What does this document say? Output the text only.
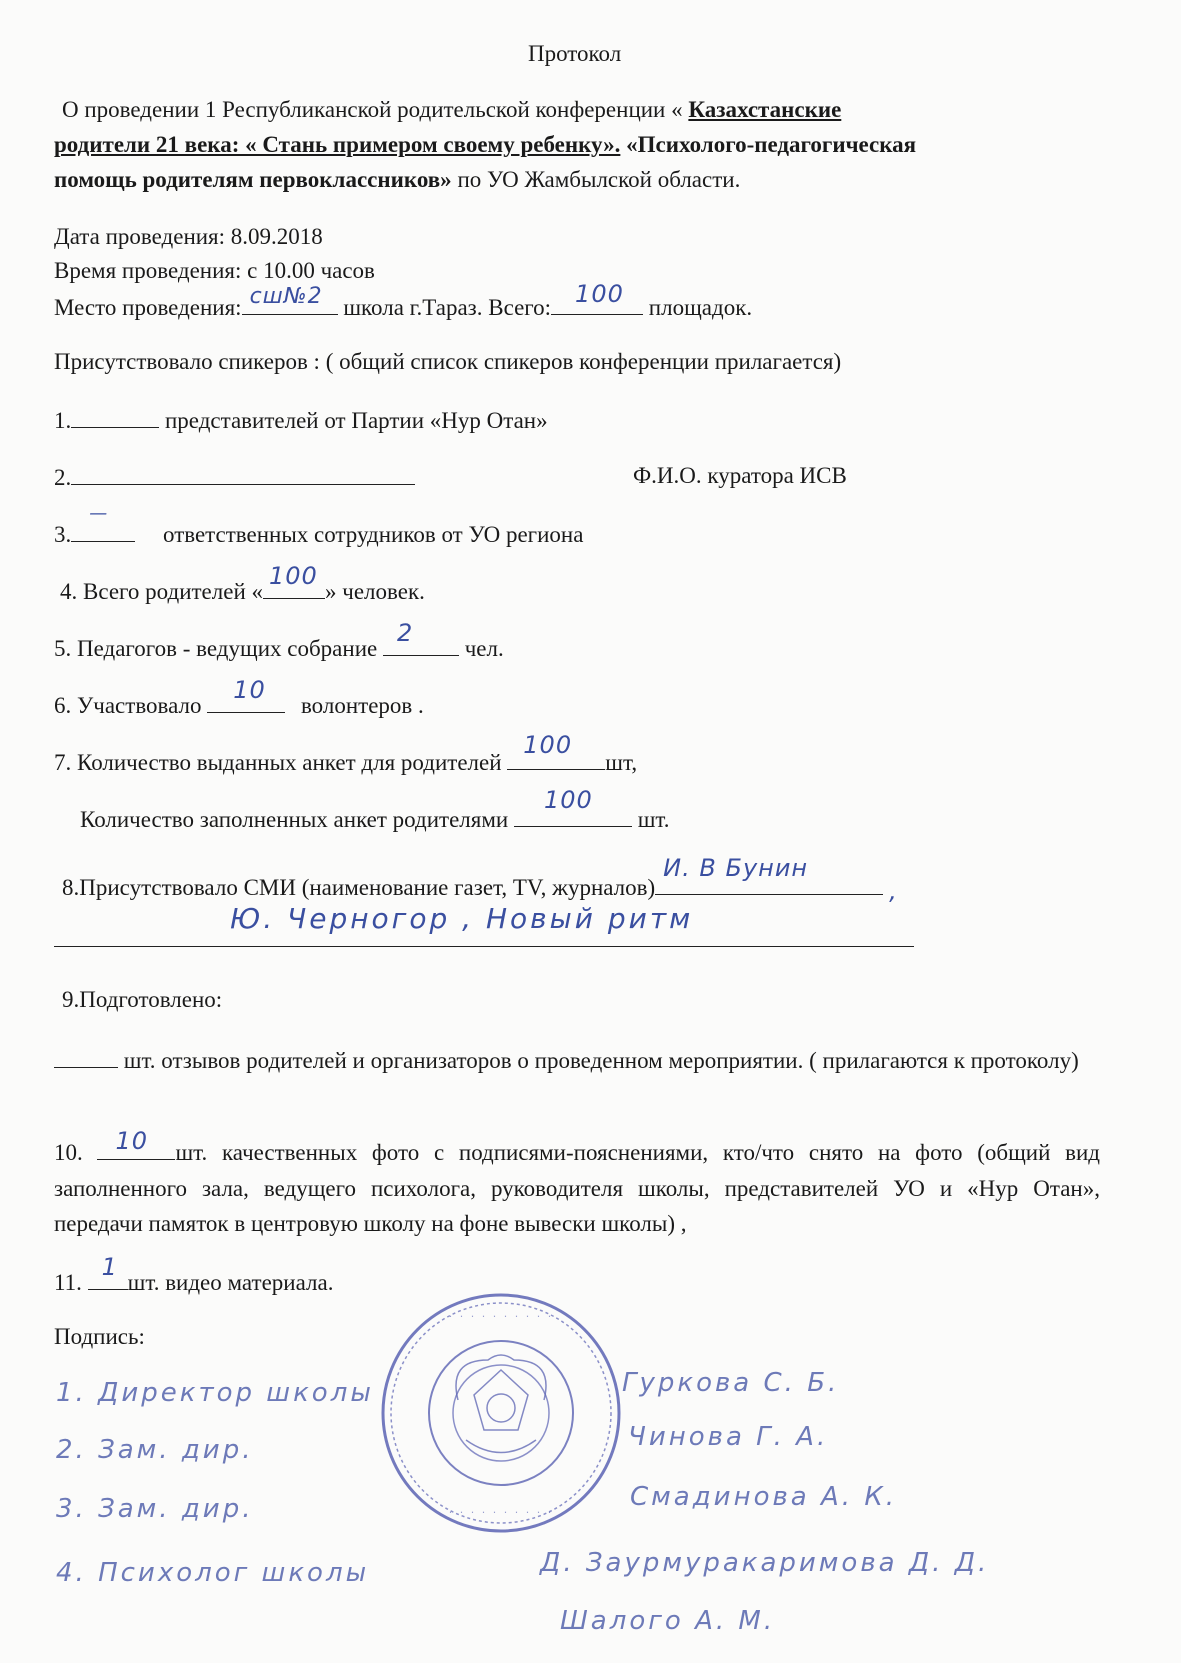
Протокол
О проведении 1 Республиканской родительской конференции « Казахстанские
родители 21 века: « Стань примером своему ребенку». «Психолого-педагогическая
помощь родителям первоклассников» по УО Жамбылской области.
Дата проведения: 8.09.2018
Время проведения: с 10.00 часов
Место проведения: сш№2 школа г.Тараз. Всего: 100 площадок.
Присутствовало спикеров : ( общий список спикеров конференции прилагается)
1.	представителей от Партии «Нур Отан»
2.	Ф.И.О. куратора ИСВ
3.
—
ответственных сотрудников от УО региона
4. Всего родителей «
100
» человек.
5. Педагогов - ведущих собрание
2
чел.
6. Участвовало
10
волонтеров .
7. Количество выданных анкет для родителей
100
шт,
Количество заполненных анкет родителями
100
шт.
8.Присутствовало СМИ (наименование газет, TV, журналов)
И. В Бунин
,
Ю. Черногор , Новый ритм
9.Подготовлено:
шт. отзывов родителей и организаторов о проведенном мероприятии. ( прилагаются к протоколу)
10. 10 шт. качественных фото с подписями-пояснениями, кто/что снято на фото (общий вид заполненного зала, ведущего психолога, руководителя школы, представителей УО и «Нур Отан», передачи памяток в центровую школу на фоне вывески школы) ,
11.
1
шт. видео материала.
Подпись:
· · · · · · · · · ·
· · · · · · · · · ·
1. Директор школы	Гуркова С. Б.
2. Зам. дир.	Чинова Г. А.
3. Зам. дир.	Смадинова А. К.
4. Психолог школы	Д. Заурмуракаримова Д. Д.
Шалого А. М.
